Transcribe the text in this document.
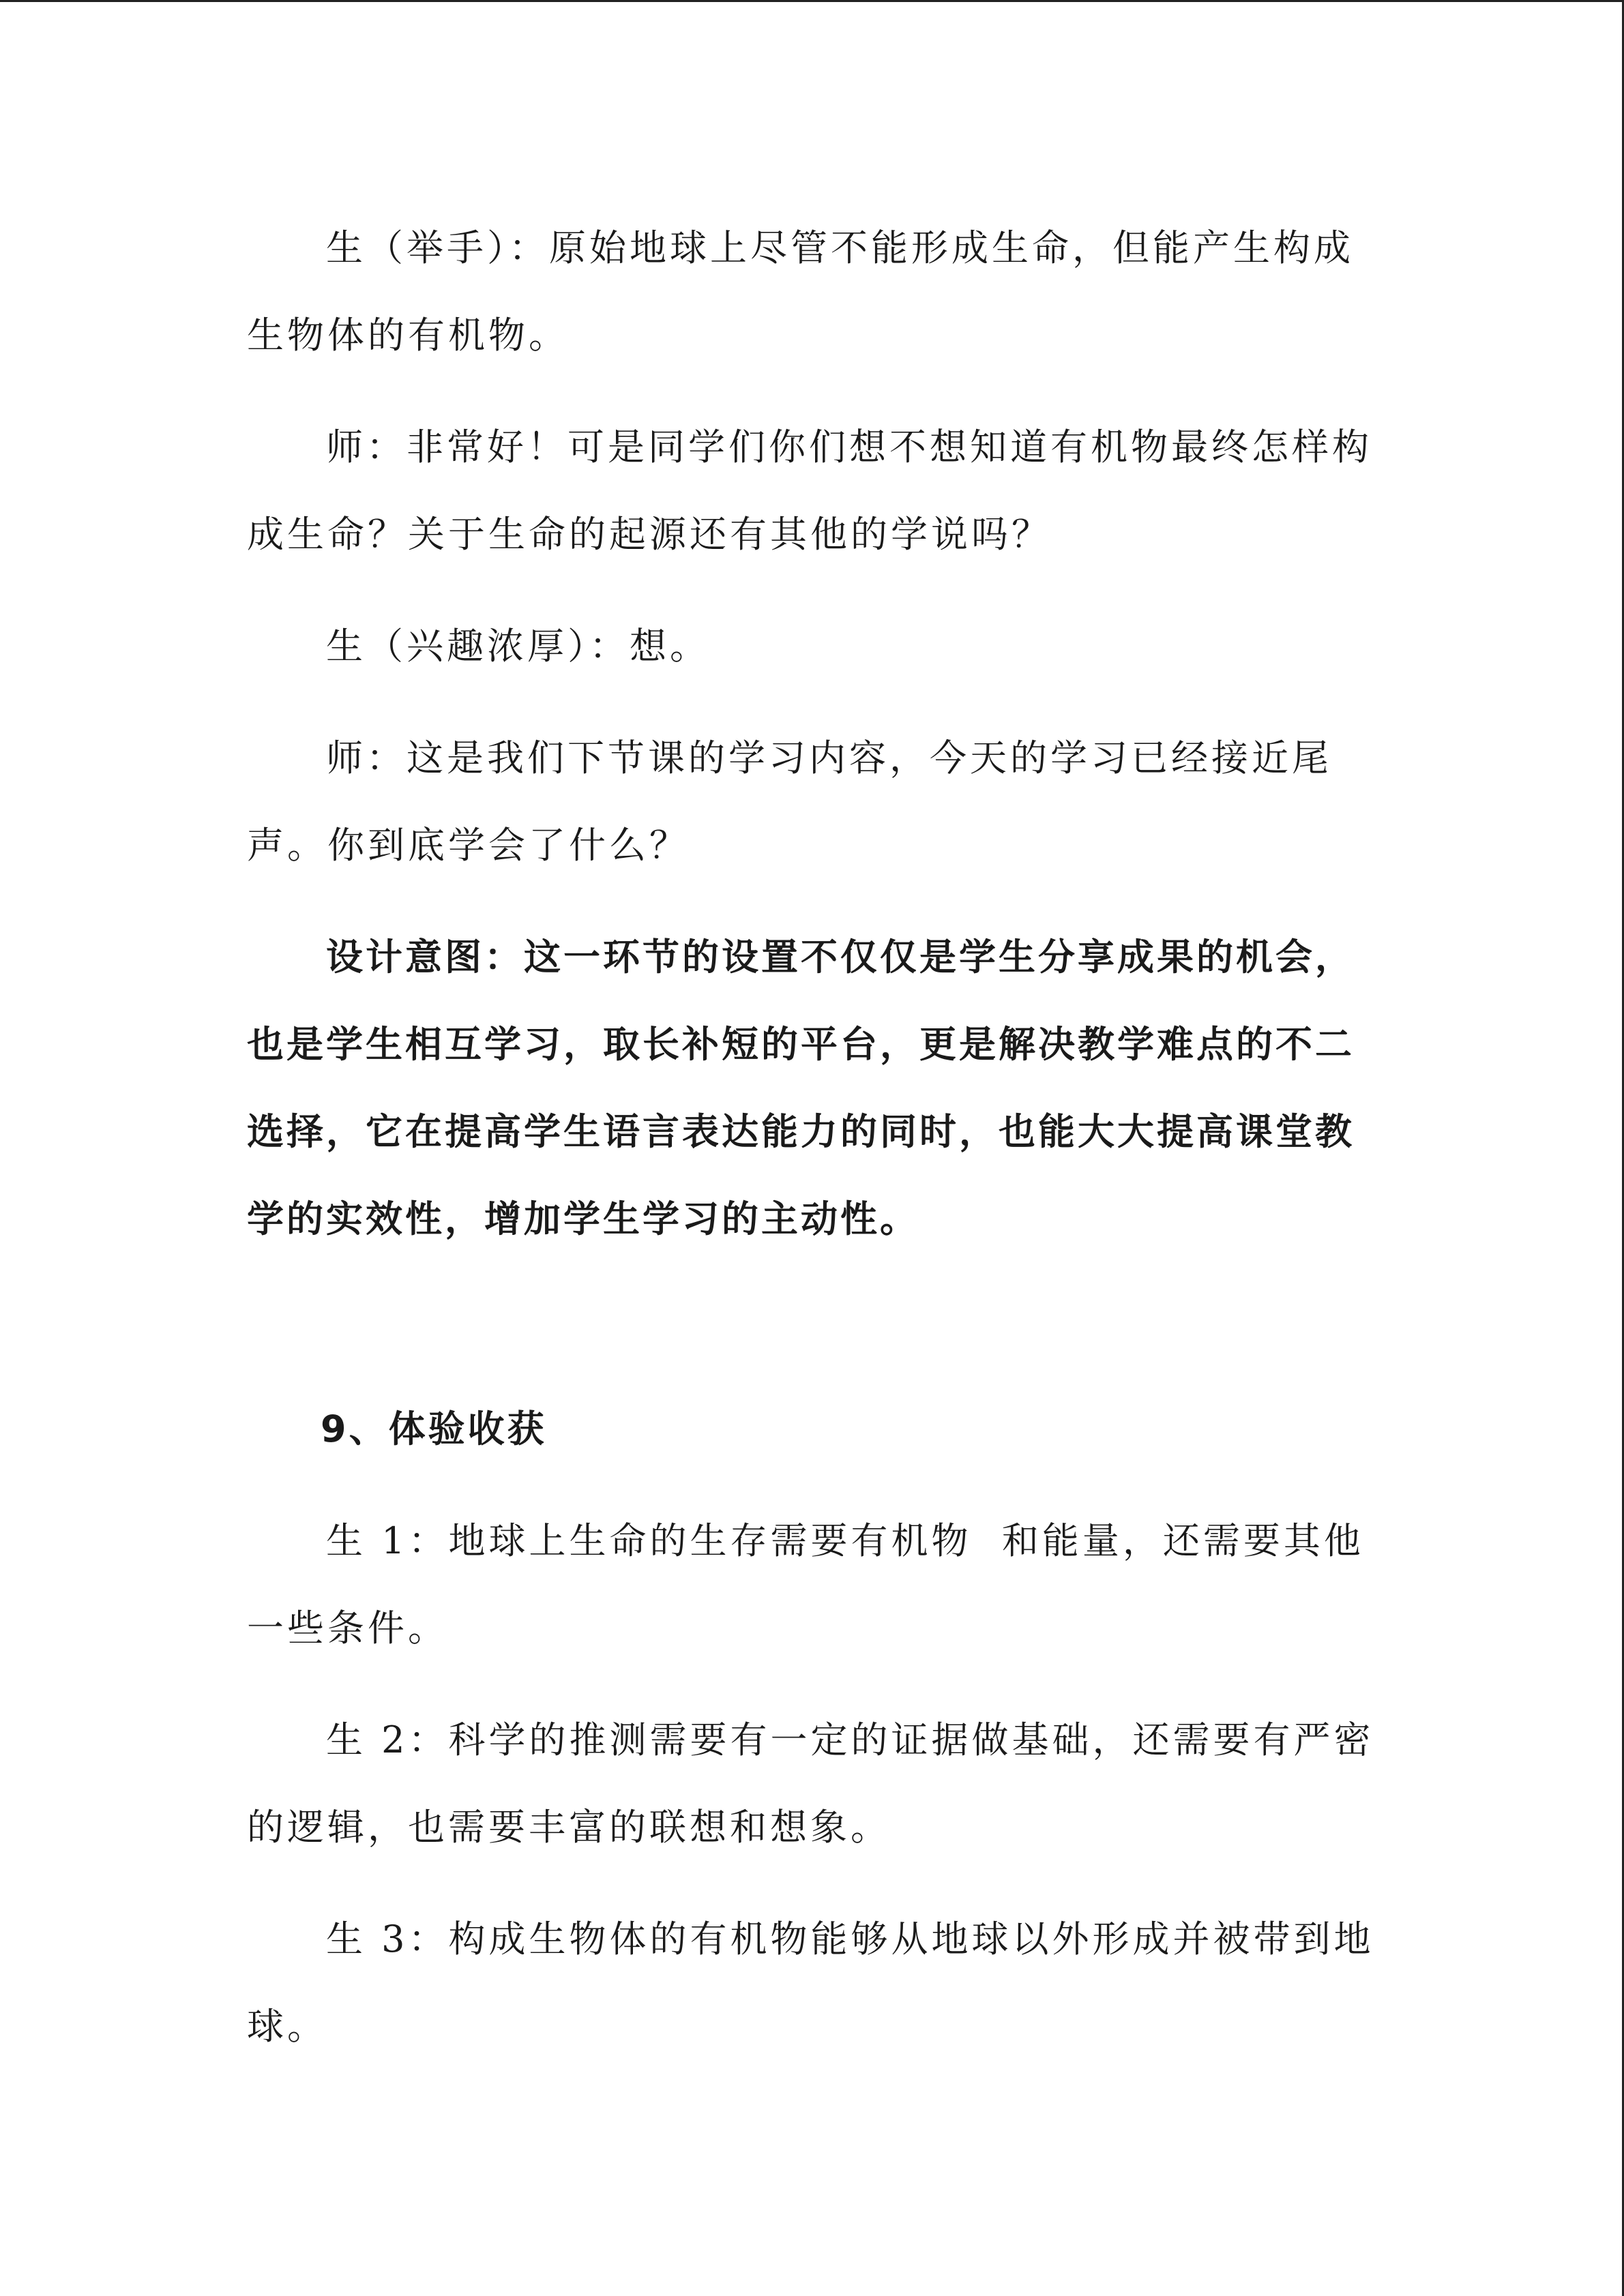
生（举手）：原始地球上尽管不能形成生命，但能产生构成生物体的有机物。

师：非常好！可是同学们你们想不想知道有机物最终怎样构成生命？关于生命的起源还有其他的学说吗？

生（兴趣浓厚）：想。

师：这是我们下节课的学习内容，今天的学习已经接近尾声。你到底学会了什么？

设计意图：这一环节的设置不仅仅是学生分享成果的机会，也是学生相互学习，取长补短的平台，更是解决教学难点的不二选择，它在提高学生语言表达能力的同时，也能大大提高课堂教学的实效性，增加学生学习的主动性。

9、体验收获

生 1：地球上生命的生存需要有机物  和能量，还需要其他一些条件。

生 2：科学的推测需要有一定的证据做基础，还需要有严密的逻辑，也需要丰富的联想和想象。

生 3：构成生物体的有机物能够从地球以外形成并被带到地球。
